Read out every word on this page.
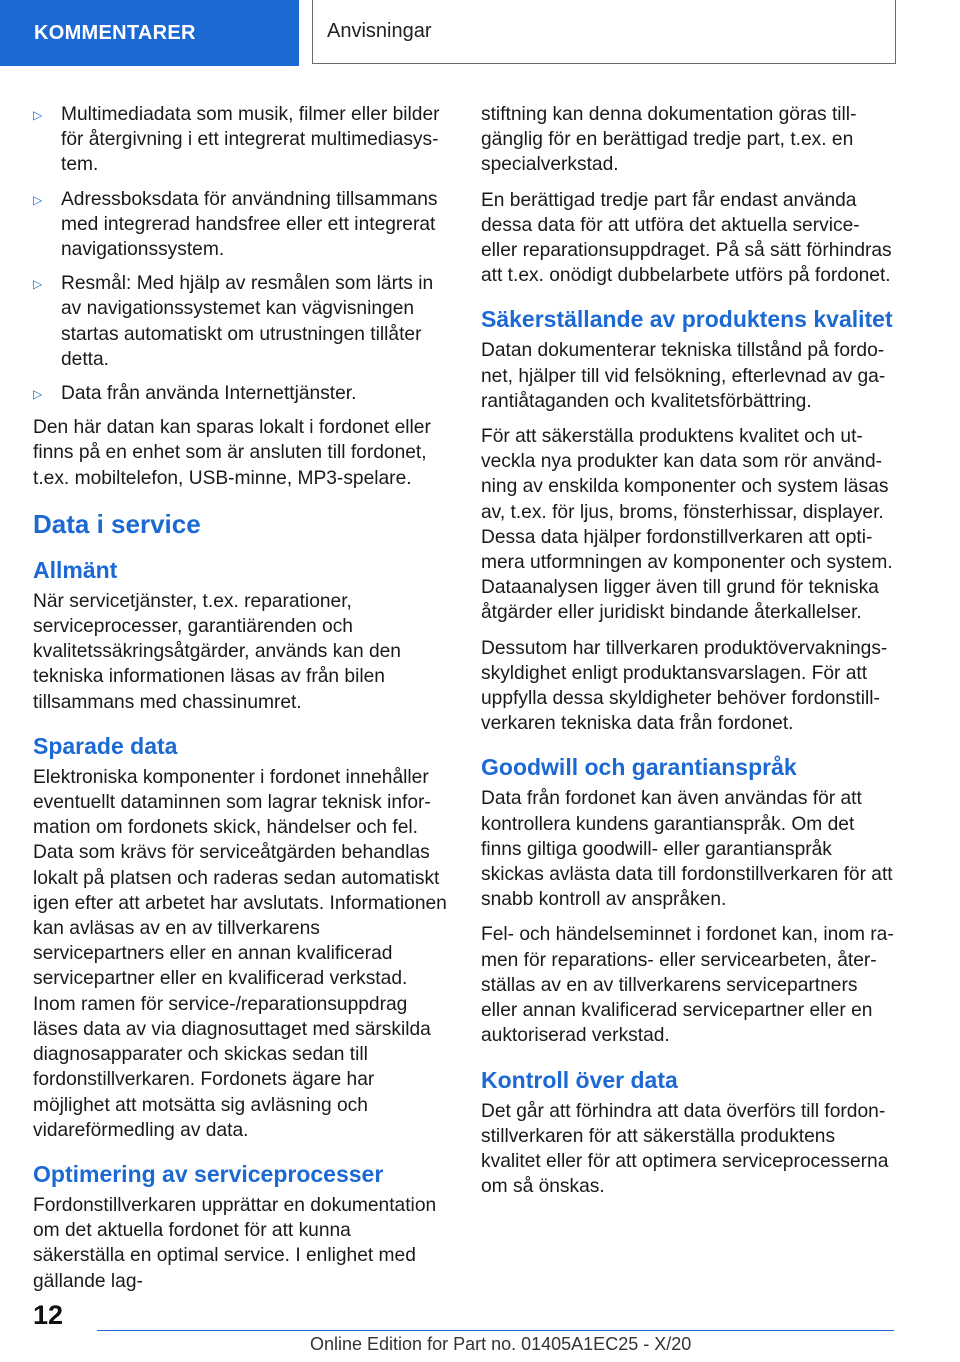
KOMMENTARER	Anvisningar
▷ Multimediadata som musik, filmer eller bilder för återgivning i ett integrerat multimediasystem.
▷ Adressboksdata för användning tillsammans med integrerad handsfree eller ett integrerat navigationssystem.
▷ Resmål: Med hjälp av resmålen som lärts in av navigationssystemet kan vägvisningen startas automatiskt om utrustningen tillåter detta.
▷ Data från använda Internettjänster.

Den här datan kan sparas lokalt i fordonet eller finns på en enhet som är ansluten till fordonet, t.ex. mobiltelefon, USB-minne, MP3-spelare.

Data i service
Allmänt

När servicetjänster, t.ex. reparationer, serviceprocesser, garantiärenden och kvalitetssäkringsåtgärder, används kan den tekniska informationen läsas av från bilen tillsammans med chassinumret.

Sparade data

Elektroniska komponenter i fordonet innehåller eventuellt dataminnen som lagrar teknisk information om fordonets skick, händelser och fel. Data som krävs för serviceåtgärden behandlas lokalt på platsen och raderas sedan automatiskt igen efter att arbetet har avslutats. Informationen kan avläsas av en av tillverkarens servicepartners eller en annan kvalificerad servicepartner eller en kvalificerad verkstad. Inom ramen för service-/reparationsuppdrag läses data av via diagnosuttaget med särskilda diagnosapparater och skickas sedan till fordonstillverkaren. Fordonets ägare har möjlighet att motsätta sig avläsning och vidareförmedling av data.

Optimering av serviceprocesser

Fordonstillverkaren upprättar en dokumentation om det aktuella fordonet för att kunna säkerställa en optimal service. I enlighet med gällande lag-

stiftning kan denna dokumentation göras tillgänglig för en berättigad tredje part, t.ex. en specialverkstad.

En berättigad tredje part får endast använda dessa data för att utföra det aktuella service- eller reparationsuppdraget. På så sätt förhindras att t.ex. onödigt dubbelarbete utförs på fordonet.

Säkerställande av produktens kvalitet

Datan dokumenterar tekniska tillstånd på fordonet, hjälper till vid felsökning, efterlevnad av garantiåtaganden och kvalitetsförbättring.

För att säkerställa produktens kvalitet och utveckla nya produkter kan data som rör användning av enskilda komponenter och system läsas av, t.ex. för ljus, broms, fönsterhissar, displayer. Dessa data hjälper fordonstillverkaren att optimera utformningen av komponenter och system. Dataanalysen ligger även till grund för tekniska åtgärder eller juridiskt bindande återkallelser.

Dessutom har tillverkaren produktövervakningsskyldighet enligt produktansvarslagen. För att uppfylla dessa skyldigheter behöver fordonstillverkaren tekniska data från fordonet.

Goodwill och garantianspråk

Data från fordonet kan även användas för att kontrollera kundens garantianspråk. Om det finns giltiga goodwill- eller garantianspråk skickas avlästa data till fordonstillverkaren för att snabb kontroll av anspråken.

Fel- och händelseminnet i fordonet kan, inom ramen för reparations- eller servicearbeten, återställas av en av tillverkarens servicepartners eller annan kvalificerad servicepartner eller en auktoriserad verkstad.

Kontroll över data

Det går att förhindra att data överförs till fordonstillverkaren för att säkerställa produktens kvalitet eller för att optimera serviceprocesserna om så önskas.

12
Online Edition for Part no. 01405A1EC25 - X/20
